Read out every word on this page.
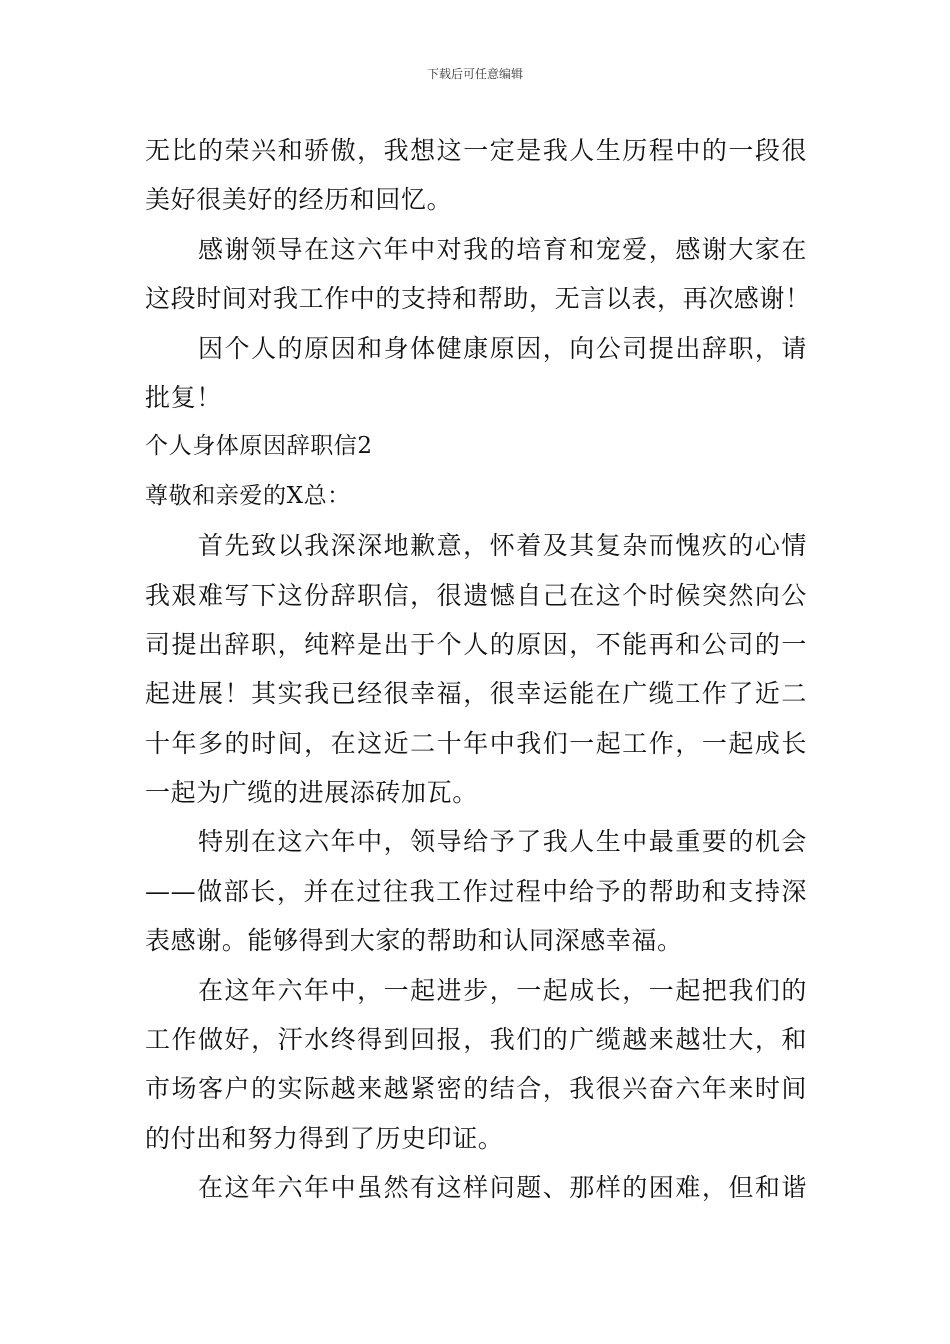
下载后可任意编辑
无比的荣兴和骄傲，我想这一定是我人生历程中的一段很
美好很美好的经历和回忆。
感谢领导在这六年中对我的培育和宠爱，感谢大家在
这段时间对我工作中的支持和帮助，无言以表，再次感谢！
因个人的原因和身体健康原因，向公司提出辞职，请
批复！
个人身体原因辞职信2
尊敬和亲爱的X总：
首先致以我深深地歉意，怀着及其复杂而愧疚的心情
我艰难写下这份辞职信，很遗憾自己在这个时候突然向公
司提出辞职，纯粹是出于个人的原因，不能再和公司的一
起进展！其实我已经很幸福，很幸运能在广缆工作了近二
十年多的时间，在这近二十年中我们一起工作，一起成长
一起为广缆的进展添砖加瓦。
特别在这六年中，领导给予了我人生中最重要的机会
——做部长，并在过往我工作过程中给予的帮助和支持深
表感谢。能够得到大家的帮助和认同深感幸福。
在这年六年中，一起进步，一起成长，一起把我们的
工作做好，汗水终得到回报，我们的广缆越来越壮大，和
市场客户的实际越来越紧密的结合，我很兴奋六年来时间
的付出和努力得到了历史印证。
在这年六年中虽然有这样问题、那样的困难，但和谐
